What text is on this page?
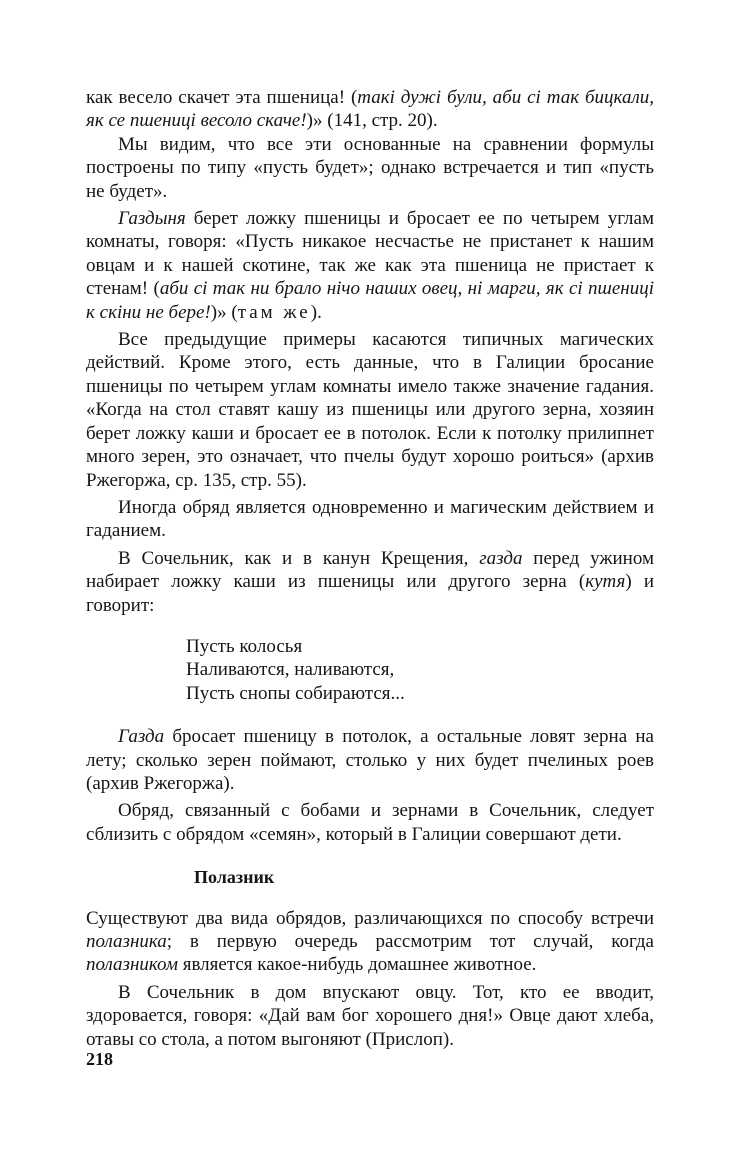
как весело скачет эта пшеница! (такі дужі були, аби сі так бицкали, як се пшениці весоло скаче!)» (141, стр. 20).

Мы видим, что все эти основанные на сравнении формулы построены по типу «пусть будет»; однако встречается и тип «пусть не будет».

Газдыня берет ложку пшеницы и бросает ее по четырем углам комнаты, говоря: «Пусть никакое несчастье не пристанет к нашим овцам и к нашей скотине, так же как эта пшеница не пристает к стенам! (аби сі так ни брало нічо наших овец, ні марги, як сі пшениці к скіни не бере!)» (там же).

Все предыдущие примеры касаются типичных магических действий. Кроме этого, есть данные, что в Галиции бросание пшеницы по четырем углам комнаты имело также значение гадания. «Когда на стол ставят кашу из пшеницы или другого зерна, хозяин берет ложку каши и бросает ее в потолок. Если к потолку прилипнет много зерен, это означает, что пчелы будут хорошо роиться» (архив Ржегоржа, ср. 135, стр. 55).

Иногда обряд является одновременно и магическим действием и гаданием.

В Сочельник, как и в канун Крещения, газда перед ужином набирает ложку каши из пшеницы или другого зерна (кутя) и говорит:

Пусть колосья
Наливаются, наливаются,
Пусть снопы собираются...

Газда бросает пшеницу в потолок, а остальные ловят зерна на лету; сколько зерен поймают, столько у них будет пчелиных роев (архив Ржегоржа).

Обряд, связанный с бобами и зернами в Сочельник, следует сблизить с обрядом «семян», который в Галиции совершают дети.

Полазник

Существуют два вида обрядов, различающихся по способу встречи полазника; в первую очередь рассмотрим тот случай, когда полазником является какое-нибудь домашнее животное.

В Сочельник в дом впускают овцу. Тот, кто ее вводит, здоровается, говоря: «Дай вам бог хорошего дня!» Овце дают хлеба, отавы со стола, а потом выгоняют (Прислоп).

218
